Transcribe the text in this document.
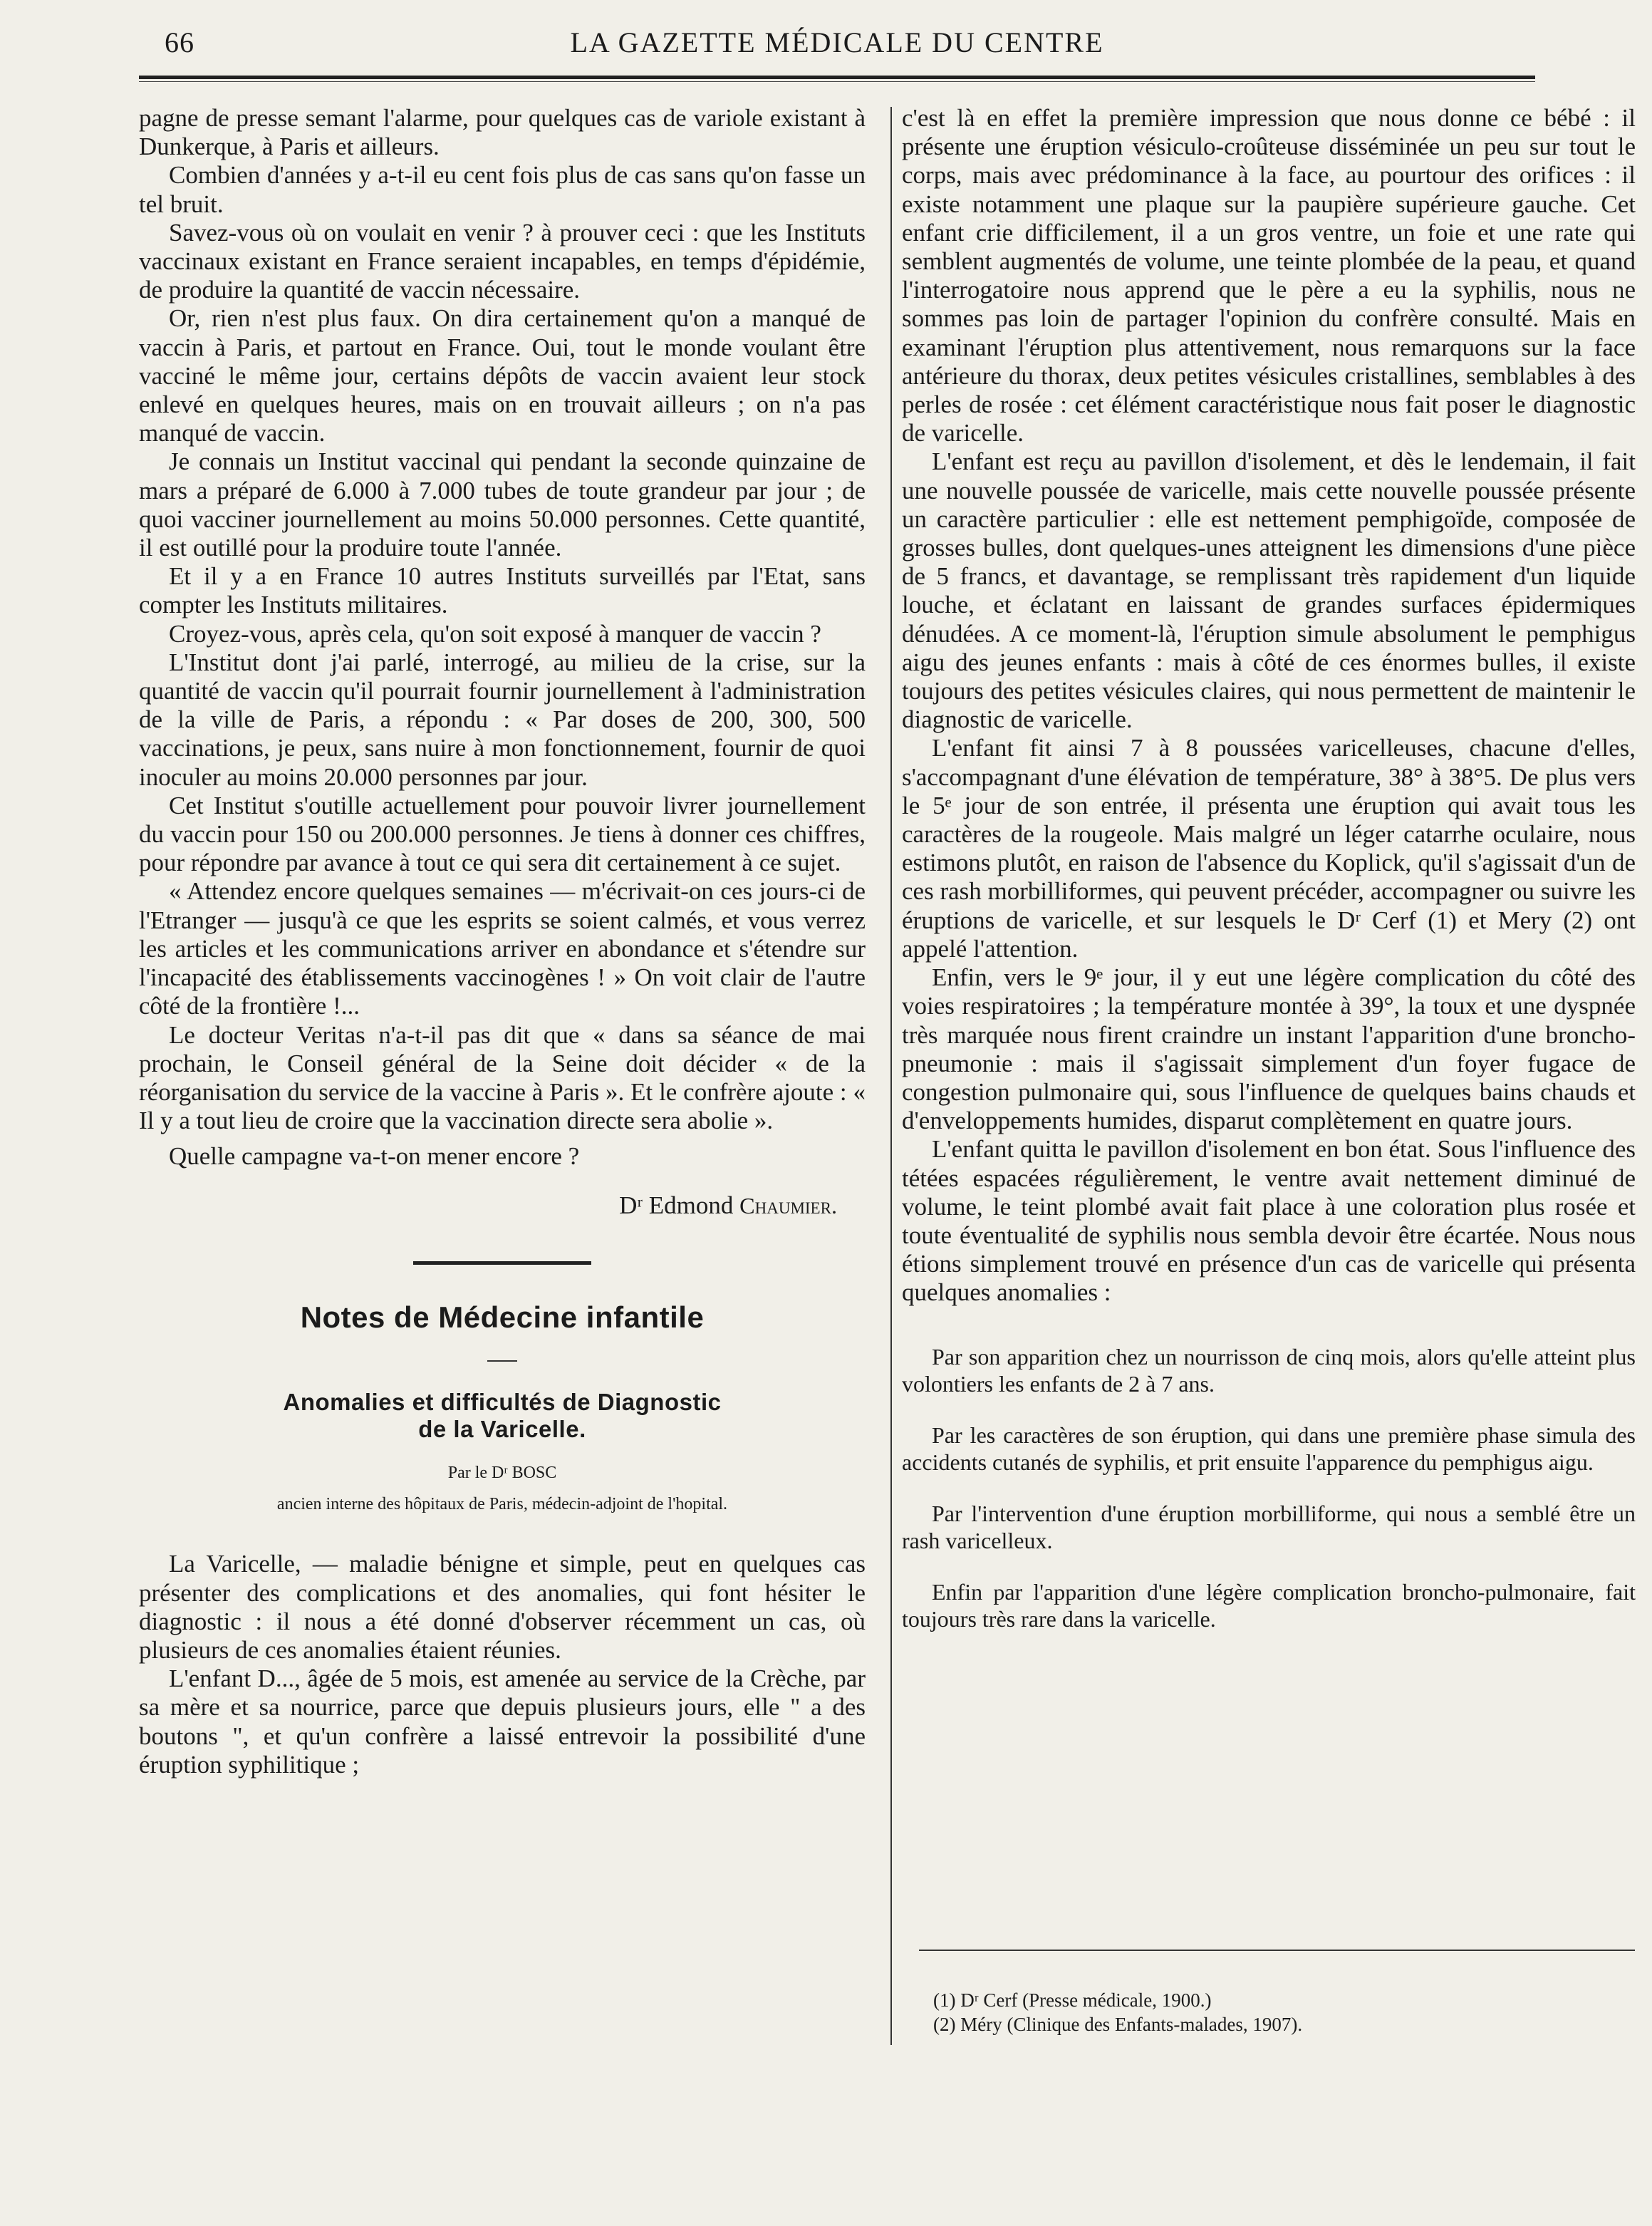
66	LA GAZETTE MÉDICALE DU CENTRE

pagne de presse semant l'alarme, pour quelques cas de variole existant à Dunkerque, à Paris et ailleurs.

Combien d'années y a-t-il eu cent fois plus de cas sans qu'on fasse un tel bruit.

Savez-vous où on voulait en venir ? à prouver ceci : que les Instituts vaccinaux existant en France seraient incapables, en temps d'épidémie, de produire la quantité de vaccin nécessaire.

Or, rien n'est plus faux. On dira certainement qu'on a manqué de vaccin à Paris, et partout en France. Oui, tout le monde voulant être vacciné le même jour, certains dépôts de vaccin avaient leur stock enlevé en quelques heures, mais on en trouvait ailleurs ; on n'a pas manqué de vaccin.

Je connais un Institut vaccinal qui pendant la seconde quinzaine de mars a préparé de 6.000 à 7.000 tubes de toute grandeur par jour ; de quoi vacciner journellement au moins 50.000 personnes. Cette quantité, il est outillé pour la produire toute l'année.

Et il y a en France 10 autres Instituts surveillés par l'Etat, sans compter les Instituts militaires.

Croyez-vous, après cela, qu'on soit exposé à manquer de vaccin ?

L'Institut dont j'ai parlé, interrogé, au milieu de la crise, sur la quantité de vaccin qu'il pourrait fournir journellement à l'administration de la ville de Paris, a répondu : « Par doses de 200, 300, 500 vaccinations, je peux, sans nuire à mon fonctionnement, fournir de quoi inoculer au moins 20.000 personnes par jour.

Cet Institut s'outille actuellement pour pouvoir livrer journellement du vaccin pour 150 ou 200.000 personnes. Je tiens à donner ces chiffres, pour répondre par avance à tout ce qui sera dit certainement à ce sujet.

« Attendez encore quelques semaines — m'écrivait-on ces jours-ci de l'Etranger — jusqu'à ce que les esprits se soient calmés, et vous verrez les articles et les communications arriver en abondance et s'étendre sur l'incapacité des établissements vaccinogènes ! » On voit clair de l'autre côté de la frontière !...

Le docteur Veritas n'a-t-il pas dit que « dans sa séance de mai prochain, le Conseil général de la Seine doit décider « de la réorganisation du service de la vaccine à Paris ». Et le confrère ajoute : « Il y a tout lieu de croire que la vaccination directe sera abolie ».

Quelle campagne va-t-on mener encore ?

Dʳ Edmond Chaumier.
Notes de Médecine infantile
Anomalies et difficultés de Diagnostic
de la Varicelle.
Par le Dʳ BOSC
ancien interne des hôpitaux de Paris, médecin-adjoint de l'hopital.

La Varicelle, — maladie bénigne et simple, peut en quelques cas présenter des complications et des anomalies, qui font hésiter le diagnostic : il nous a été donné d'observer récemment un cas, où plusieurs de ces anomalies étaient réunies.

L'enfant D..., âgée de 5 mois, est amenée au service de la Crèche, par sa mère et sa nourrice, parce que depuis plusieurs jours, elle " a des boutons ", et qu'un confrère a laissé entrevoir la possibilité d'une éruption syphilitique ;

c'est là en effet la première impression que nous donne ce bébé : il présente une éruption vésiculo-croûteuse disséminée un peu sur tout le corps, mais avec prédominance à la face, au pourtour des orifices : il existe notamment une plaque sur la paupière supérieure gauche. Cet enfant crie difficilement, il a un gros ventre, un foie et une rate qui semblent augmentés de volume, une teinte plombée de la peau, et quand l'interrogatoire nous apprend que le père a eu la syphilis, nous ne sommes pas loin de partager l'opinion du confrère consulté. Mais en examinant l'éruption plus attentivement, nous remarquons sur la face antérieure du thorax, deux petites vésicules cristallines, semblables à des perles de rosée : cet élément caractéristique nous fait poser le diagnostic de varicelle.

L'enfant est reçu au pavillon d'isolement, et dès le lendemain, il fait une nouvelle poussée de varicelle, mais cette nouvelle poussée présente un caractère particulier : elle est nettement pemphigoïde, composée de grosses bulles, dont quelques-unes atteignent les dimensions d'une pièce de 5 francs, et davantage, se remplissant très rapidement d'un liquide louche, et éclatant en laissant de grandes surfaces épidermiques dénudées. A ce moment-là, l'éruption simule absolument le pemphigus aigu des jeunes enfants : mais à côté de ces énormes bulles, il existe toujours des petites vésicules claires, qui nous permettent de maintenir le diagnostic de varicelle.

L'enfant fit ainsi 7 à 8 poussées varicelleuses, chacune d'elles, s'accompagnant d'une élévation de température, 38° à 38°5. De plus vers le 5ᵉ jour de son entrée, il présenta une éruption qui avait tous les caractères de la rougeole. Mais malgré un léger catarrhe oculaire, nous estimons plutôt, en raison de l'absence du Koplick, qu'il s'agissait d'un de ces rash morbilliformes, qui peuvent précéder, accompagner ou suivre les éruptions de varicelle, et sur lesquels le Dʳ Cerf (1) et Mery (2) ont appelé l'attention.

Enfin, vers le 9ᵉ jour, il y eut une légère complication du côté des voies respiratoires ; la température montée à 39°, la toux et une dyspnée très marquée nous firent craindre un instant l'apparition d'une broncho-pneumonie : mais il s'agissait simplement d'un foyer fugace de congestion pulmonaire qui, sous l'influence de quelques bains chauds et d'enveloppements humides, disparut complètement en quatre jours.

L'enfant quitta le pavillon d'isolement en bon état. Sous l'influence des tétées espacées régulièrement, le ventre avait nettement diminué de volume, le teint plombé avait fait place à une coloration plus rosée et toute éventualité de syphilis nous sembla devoir être écartée. Nous nous étions simplement trouvé en présence d'un cas de varicelle qui présenta quelques anomalies :

Par son apparition chez un nourrisson de cinq mois, alors qu'elle atteint plus volontiers les enfants de 2 à 7 ans.

Par les caractères de son éruption, qui dans une première phase simula des accidents cutanés de syphilis, et prit ensuite l'apparence du pemphigus aigu.

Par l'intervention d'une éruption morbilliforme, qui nous a semblé être un rash varicelleux.

Enfin par l'apparition d'une légère complication broncho-pulmonaire, fait toujours très rare dans la varicelle.

(1) Dʳ Cerf (Presse médicale, 1900.)
(2) Méry (Clinique des Enfants-malades, 1907).
